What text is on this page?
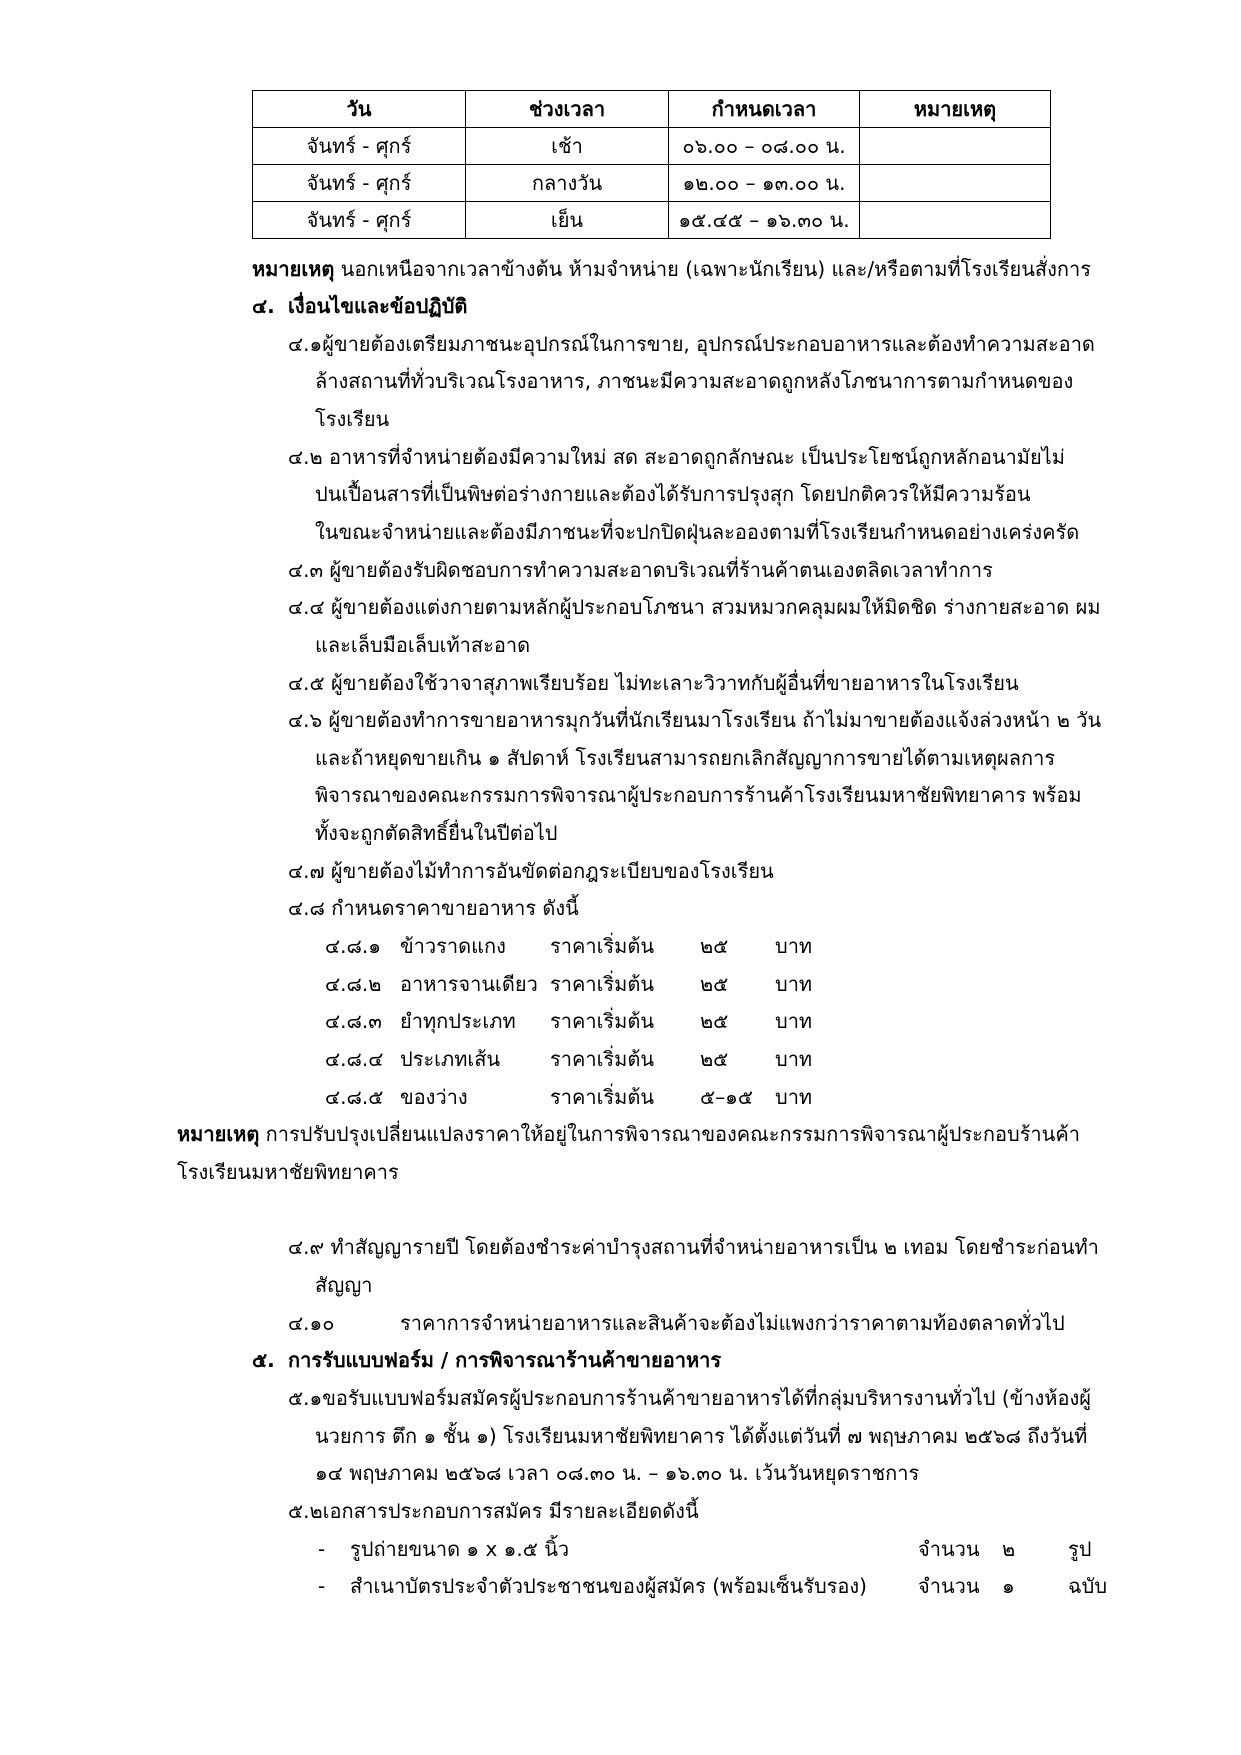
วัน	ช่วงเวลา	กำหนดเวลา	หมายเหตุ
จันทร์ - ศุกร์	เช้า	๐๖.๐๐ – ๐๘.๐๐ น.	
จันทร์ - ศุกร์	กลางวัน	๑๒.๐๐ – ๑๓.๐๐ น.	
จันทร์ - ศุกร์	เย็น	๑๕.๔๕ – ๑๖.๓๐ น.	
หมายเหตุ นอกเหนือจากเวลาข้างต้น ห้ามจำหน่าย (เฉพาะนักเรียน) และ/หรือตามที่โรงเรียนสั่งการ
๔. เงื่อนไขและข้อปฏิบัติ
๔.๑ผู้ขายต้องเตรียมภาชนะอุปกรณ์ในการขาย, อุปกรณ์ประกอบอาหารและต้องทำความสะอาด
ล้างสถานที่ทั่วบริเวณโรงอาหาร, ภาชนะมีความสะอาดถูกหลังโภชนาการตามกำหนดของ
โรงเรียน
๔.๒ อาหารที่จำหน่ายต้องมีความใหม่ สด สะอาดถูกลักษณะ เป็นประโยชน์ถูกหลักอนามัยไม่
ปนเปื้อนสารที่เป็นพิษต่อร่างกายและต้องได้รับการปรุงสุก โดยปกติควรให้มีความร้อน
ในขณะจำหน่ายและต้องมีภาชนะที่จะปกปิดฝุ่นละอองตามที่โรงเรียนกำหนดอย่างเคร่งครัด
๔.๓ ผู้ขายต้องรับผิดชอบการทำความสะอาดบริเวณที่ร้านค้าตนเองตลิดเวลาทำการ
๔.๔ ผู้ขายต้องแต่งกายตามหลักผู้ประกอบโภชนา สวมหมวกคลุมผมให้มิดชิด ร่างกายสะอาด ผม
และเล็บมือเล็บเท้าสะอาด
๔.๕ ผู้ขายต้องใช้วาจาสุภาพเรียบร้อย ไม่ทะเลาะวิวาทกับผู้อื่นที่ขายอาหารในโรงเรียน
๔.๖ ผู้ขายต้องทำการขายอาหารมุกวันที่นักเรียนมาโรงเรียน ถ้าไม่มาขายต้องแจ้งล่วงหน้า ๒ วัน
และถ้าหยุดขายเกิน ๑ สัปดาห์ โรงเรียนสามารถยกเลิกสัญญาการขายได้ตามเหตุผลการ
พิจารณาของคณะกรรมการพิจารณาผู้ประกอบการร้านค้าโรงเรียนมหาชัยพิทยาคาร พร้อม
ทั้งจะถูกตัดสิทธิ์ยื่นในปีต่อไป
๔.๗ ผู้ขายต้องไม้ทำการอันขัดต่อกฎระเบียบของโรงเรียน
๔.๘ กำหนดราคาขายอาหาร ดังนี้
๔.๘.๑ ข้าวราดแกง ราคาเริ่มต้น ๒๕ บาท
๔.๘.๒ อาหารจานเดียว ราคาเริ่มต้น ๒๕ บาท
๔.๘.๓ ยำทุกประเภท ราคาเริ่มต้น ๒๕ บาท
๔.๘.๔ ประเภทเส้น ราคาเริ่มต้น ๒๕ บาท
๔.๘.๕ ของว่าง	ราคาเริ่มต้น ๕–๑๕ บาท
หมายเหตุ การปรับปรุงเปลี่ยนแปลงราคาให้อยู่ในการพิจารณาของคณะกรรมการพิจารณาผู้ประกอบร้านค้า
โรงเรียนมหาชัยพิทยาคาร
๔.๙ ทำสัญญารายปี โดยต้องชำระค่าบำรุงสถานที่จำหน่ายอาหารเป็น ๒ เทอม โดยชำระก่อนทำ
สัญญา
๔.๑๐	ราคาการจำหน่ายอาหารและสินค้าจะต้องไม่แพงกว่าราคาตามท้องตลาดทั่วไป
๕. การรับแบบฟอร์ม / การพิจารณาร้านค้าขายอาหาร
๕.๑ขอรับแบบฟอร์มสมัครผู้ประกอบการร้านค้าขายอาหารได้ที่กลุ่มบริหารงานทั่วไป (ข้างห้องผู้
นวยการ ตึก ๑ ชั้น ๑) โรงเรียนมหาชัยพิทยาคาร ได้ตั้งแต่วันที่ ๗ พฤษภาคม ๒๕๖๘ ถึงวันที่
๑๔ พฤษภาคม ๒๕๖๘ เวลา ๐๘.๓๐ น. – ๑๖.๓๐ น. เว้นวันหยุดราชการ
๕.๒เอกสารประกอบการสมัคร มีรายละเอียดดังนี้
- รูปถ่ายขนาด ๑ x ๑.๕ นิ้ว	จำนวน ๒	รูป
- สำเนาบัตรประจำตัวประชาชนของผู้สมัคร (พร้อมเซ็นรับรอง)	จำนวน ๑	ฉบับ
